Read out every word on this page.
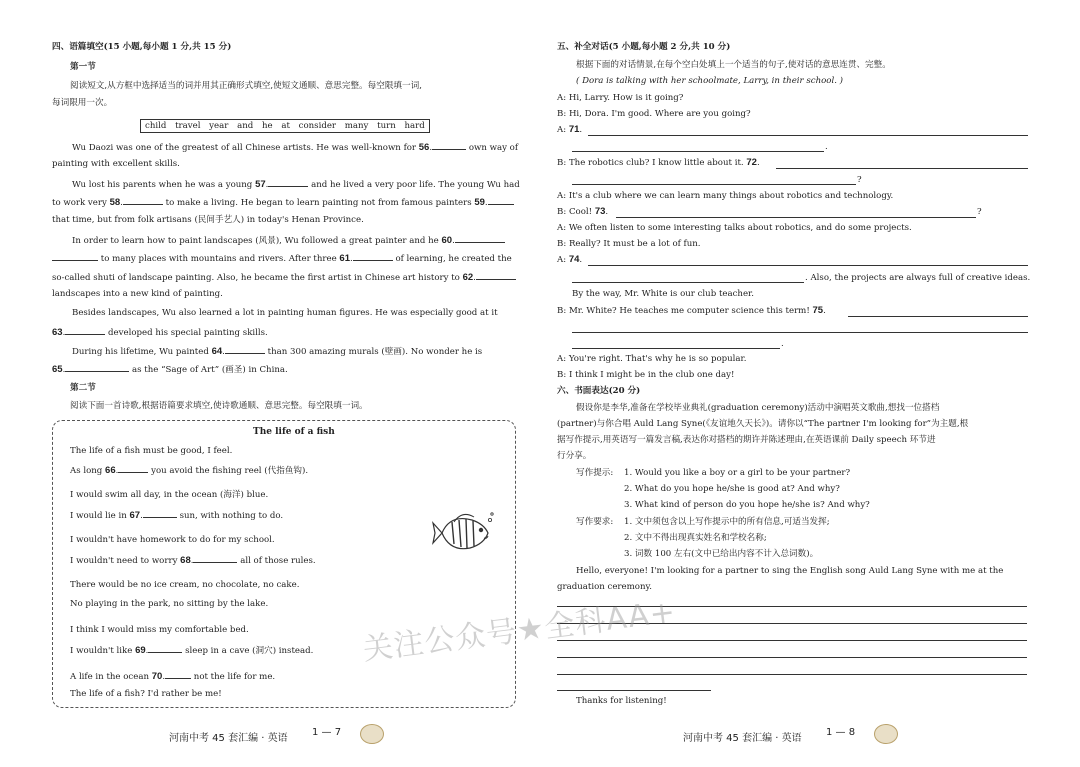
四、语篇填空(15 小题,每小题 1 分,共 15 分)
第一节
阅读短文,从方框中选择适当的词并用其正确形式填空,使短文通顺、意思完整。每空限填一词,
每词限用一次。
child travel year and he at consider many turn hard
Wu Daozi was one of the greatest of all Chinese artists. He was well-known for 56.	own way of
painting with excellent skills.
Wu lost his parents when he was a young 57.	and he lived a very poor life. The young Wu had
to work very 58.	to make a living. He began to learn painting not from famous painters 59.
that time, but from folk artisans (民间手艺人) in today's Henan Province.
In order to learn how to paint landscapes (风景), Wu followed a great painter and he 60.
to many places with mountains and rivers. After three 61.	of learning, he created the
so-called shuti of landscape painting. Also, he became the first artist in Chinese art history to 62.
landscapes into a new kind of painting.
Besides landscapes, Wu also learned a lot in painting human figures. He was especially good at it
63.	developed his special painting skills.
During his lifetime, Wu painted 64.	than 300 amazing murals (壁画). No wonder he is
65.	as the “Sage of Art” (画圣) in China.
第二节
阅读下面一首诗歌,根据语篇要求填空,使诗歌通顺、意思完整。每空限填一词。
The life of a fish
The life of a fish must be good, I feel.
As long 66.	you avoid the fishing reel (代指鱼钩).
I would swim all day, in the ocean (海洋) blue.
I would lie in 67.	sun, with nothing to do.
I wouldn't have homework to do for my school.
I wouldn't need to worry 68.	all of those rules.
There would be no ice cream, no chocolate, no cake.
No playing in the park, no sitting by the lake.
I think I would miss my comfortable bed.
I wouldn't like 69.	sleep in a cave (洞穴) instead.
A life in the ocean 70.	not the life for me.
The life of a fish? I'd rather be me!
河南中考 45 套汇编 · 英语
1 — 7
五、补全对话(5 小题,每小题 2 分,共 10 分)
根据下面的对话情景,在每个空白处填上一个适当的句子,使对话的意思连贯、完整。
( Dora is talking with her schoolmate, Larry, in their school. )
A: Hi, Larry. How is it going?
B: Hi, Dora. I'm good. Where are you going?
A: 71.
.
B: The robotics club? I know little about it. 72.
?
A: It's a club where we can learn many things about robotics and technology.
B: Cool! 73.	?
A: We often listen to some interesting talks about robotics, and do some projects.
B: Really? It must be a lot of fun.
A: 74.
. Also, the projects are always full of creative ideas.
By the way, Mr. White is our club teacher.
B: Mr. White? He teaches me computer science this term! 75.
.
A: You're right. That's why he is so popular.
B: I think I might be in the club one day!
六、书面表达(20 分)
假设你是李华,准备在学校毕业典礼(graduation ceremony)活动中演唱英文歌曲,想找一位搭档
(partner)与你合唱 Auld Lang Syne(《友谊地久天长》)。请你以“The partner I'm looking for”为主题,根
据写作提示,用英语写一篇发言稿,表达你对搭档的期许并陈述理由,在英语课前 Daily speech 环节进
行分享。
写作提示: 1. Would you like a boy or a girl to be your partner?
2. What do you hope he/she is good at? And why?
3. What kind of person do you hope he/she is? And why?
写作要求: 1. 文中须包含以上写作提示中的所有信息,可适当发挥;
2. 文中不得出现真实姓名和学校名称;
3. 词数 100 左右(文中已给出内容不计入总词数)。
Hello, everyone! I'm looking for a partner to sing the English song Auld Lang Syne with me at the
graduation ceremony.
Thanks for listening!
河南中考 45 套汇编 · 英语
1 — 8
关注公众号★全科AA+
